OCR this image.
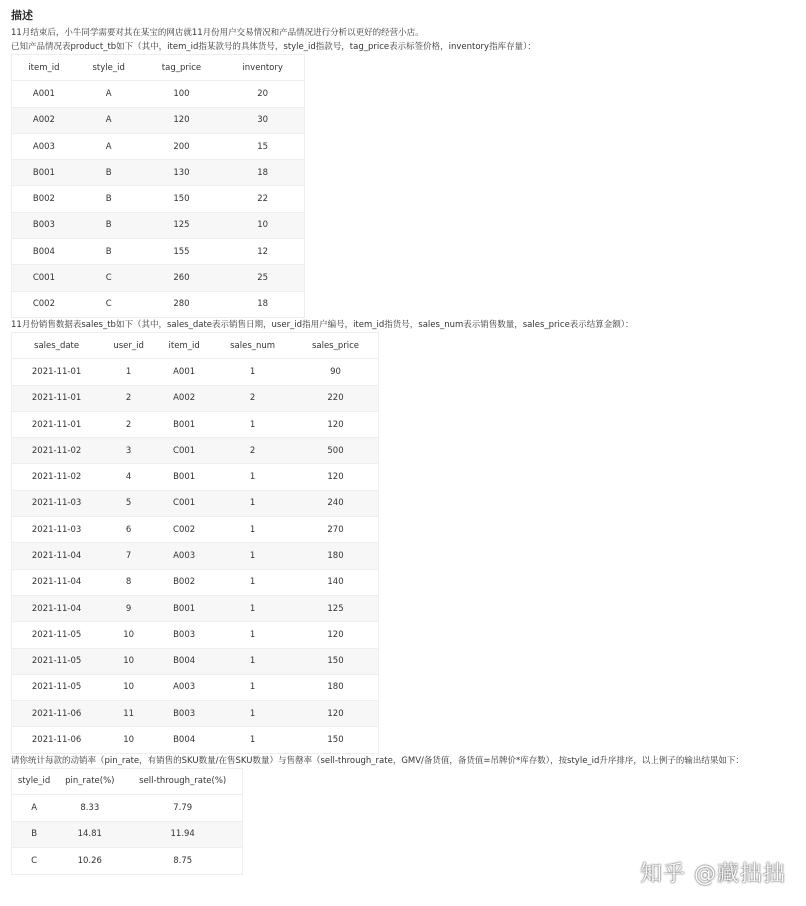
描述
11月结束后，小牛同学需要对其在某宝的网店就11月份用户交易情况和产品情况进行分析以更好的经营小店。
已知产品情况表product_tb如下（其中，item_id指某款号的具体货号，style_id指款号，tag_price表示标签价格，inventory指库存量）：
item_id	style_id	tag_price	inventory
A001	A	100	20
A002	A	120	30
A003	A	200	15
B001	B	130	18
B002	B	150	22
B003	B	125	10
B004	B	155	12
C001	C	260	25
C002	C	280	18
11月份销售数据表sales_tb如下（其中，sales_date表示销售日期，user_id指用户编号，item_id指货号，sales_num表示销售数量，sales_price表示结算金额）：
sales_date	user_id	item_id	sales_num	sales_price
2021-11-01	1	A001	1	90
2021-11-01	2	A002	2	220
2021-11-01	2	B001	1	120
2021-11-02	3	C001	2	500
2021-11-02	4	B001	1	120
2021-11-03	5	C001	1	240
2021-11-03	6	C002	1	270
2021-11-04	7	A003	1	180
2021-11-04	8	B002	1	140
2021-11-04	9	B001	1	125
2021-11-05	10	B003	1	120
2021-11-05	10	B004	1	150
2021-11-05	10	A003	1	180
2021-11-06	11	B003	1	120
2021-11-06	10	B004	1	150
请你统计每款的动销率（pin_rate，有销售的SKU数量/在售SKU数量）与售罄率（sell-through_rate，GMV/备货值，备货值=吊牌价*库存数），按style_id升序排序，以上例子的输出结果如下：
style_id	pin_rate(%)	sell-through_rate(%)
A	8.33	7.79
B	14.81	11.94
C	10.26	8.75
知乎 @藏拙拙
